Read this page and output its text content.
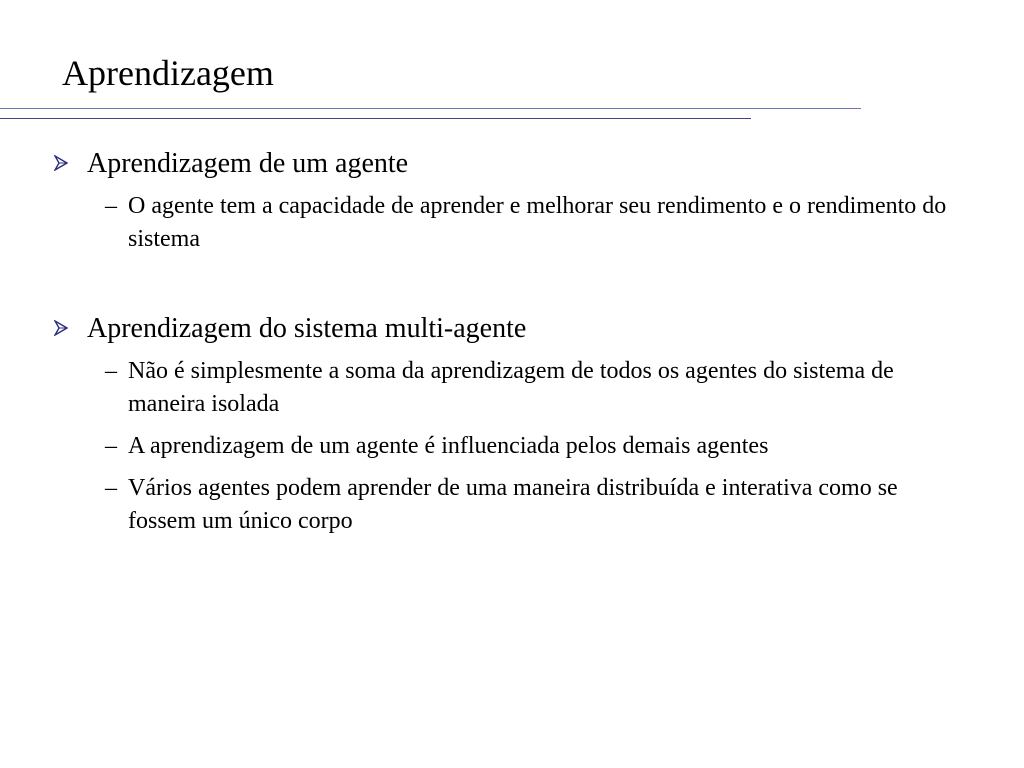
Aprendizagem
Aprendizagem de um agente
– O agente tem a capacidade de aprender e melhorar seu rendimento e o rendimento do sistema
Aprendizagem do sistema multi-agente
– Não é simplesmente a soma da aprendizagem de todos os agentes do sistema de maneira isolada
– A aprendizagem de um agente é influenciada pelos demais agentes
– Vários agentes podem aprender de uma maneira distribuída e interativa como se fossem um único corpo
